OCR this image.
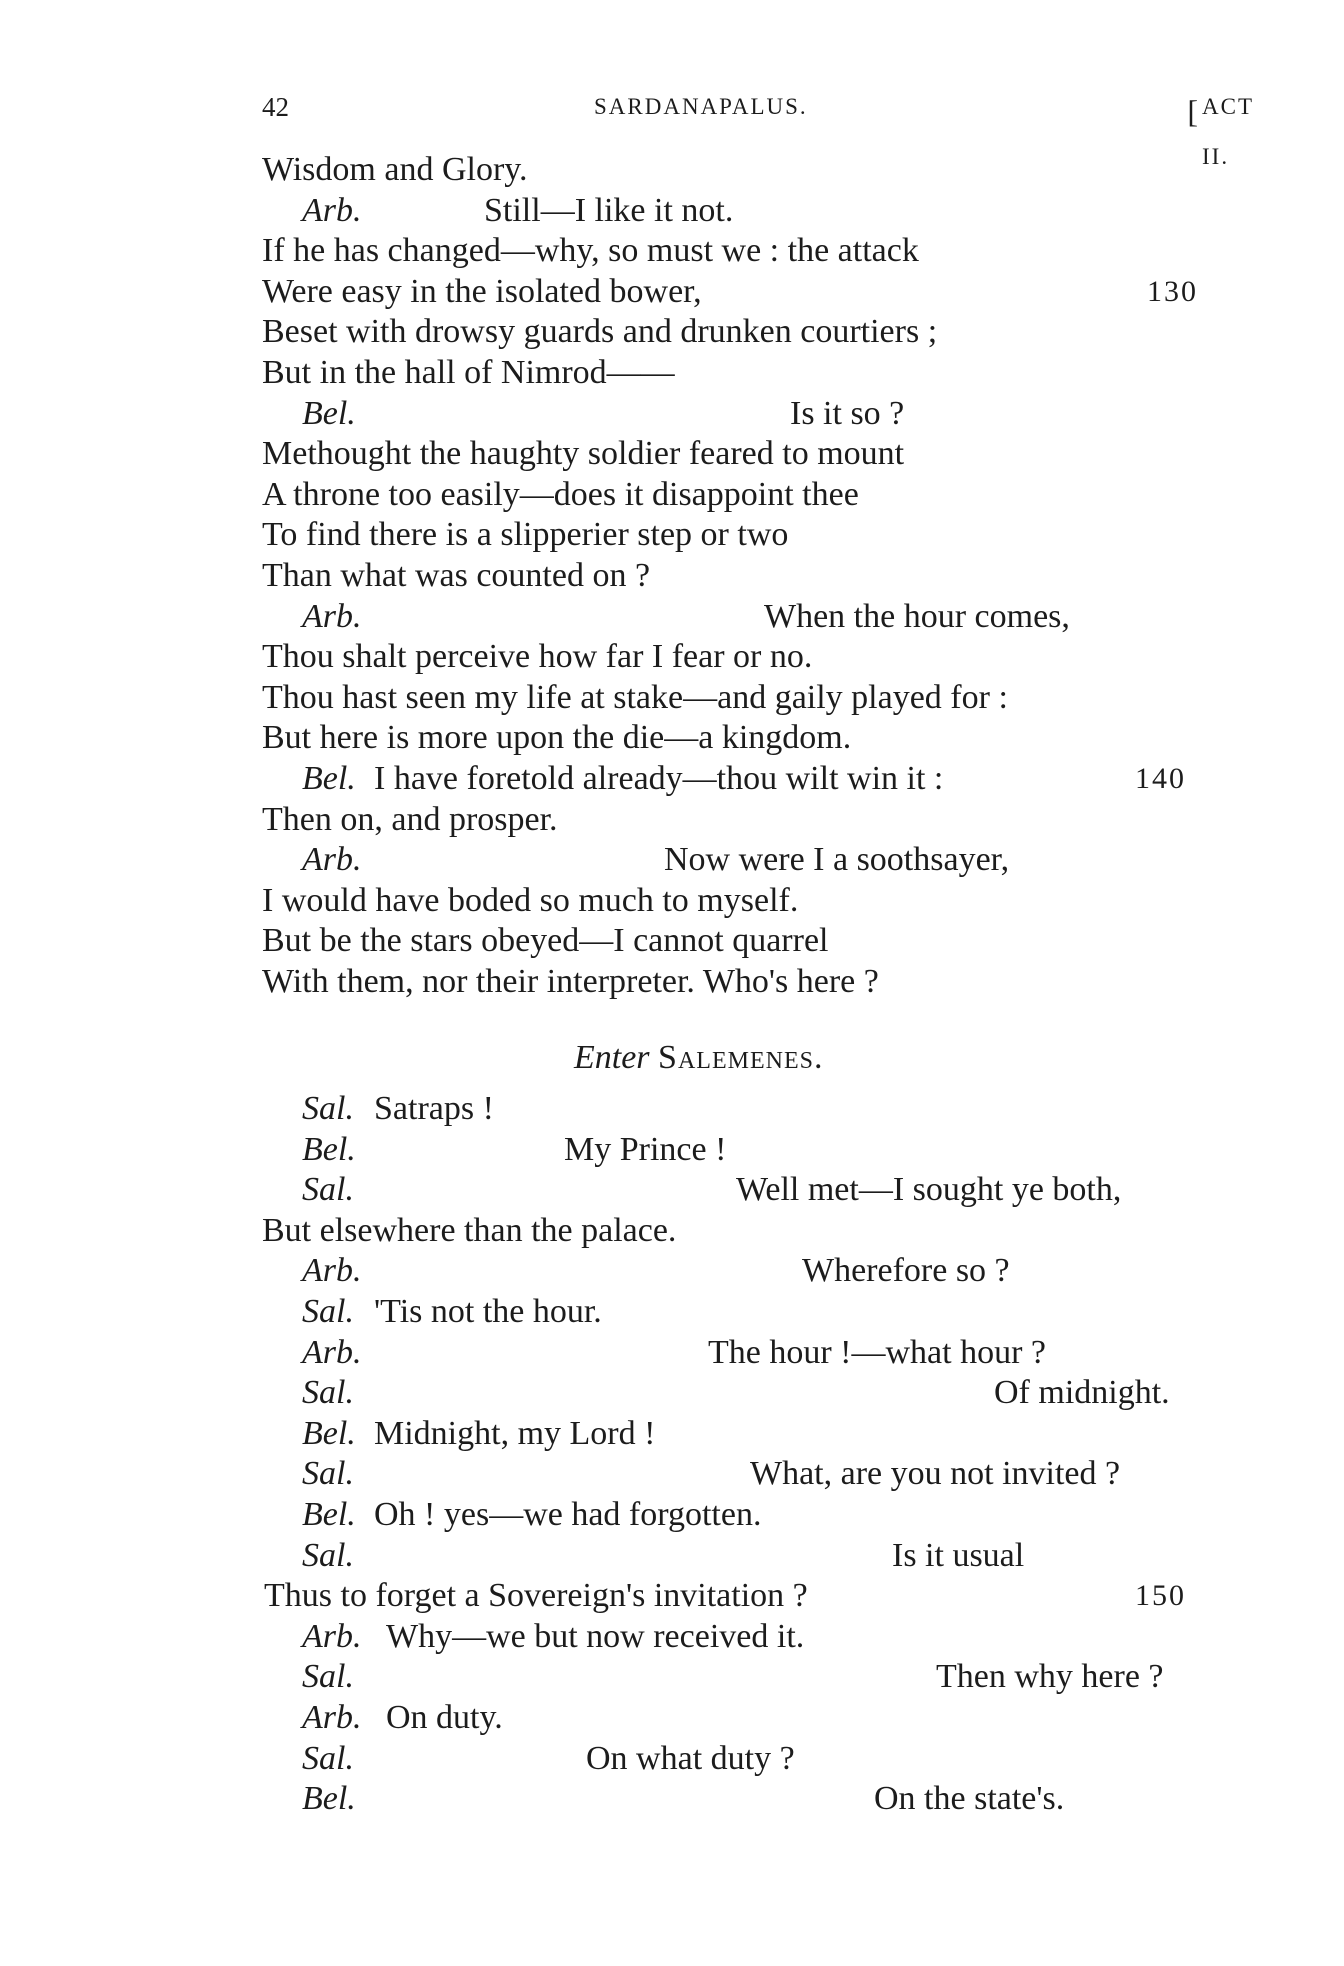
42	SARDANAPALUS.	[ ACT II.
Wisdom and Glory.
Arb.	Still—I like it not.
If he has changed—why, so must we : the attack
Were easy in the isolated bower,	130
Beset with drowsy guards and drunken courtiers ;
But in the hall of Nimrod——
Bel.	Is it so ?
Methought the haughty soldier feared to mount
A throne too easily—does it disappoint thee
To find there is a slipperier step or two
Than what was counted on ?
Arb.	When the hour comes,
Thou shalt perceive how far I fear or no.
Thou hast seen my life at stake—and gaily played for :
But here is more upon the die—a kingdom.
Bel. I have foretold already—thou wilt win it :	140
Then on, and prosper.
Arb.	Now were I a soothsayer,
I would have boded so much to myself.
But be the stars obeyed—I cannot quarrel
With them, nor their interpreter. Who's here ?
Enter Salemenes.
Sal. Satraps !
Bel.	My Prince !
Sal.	Well met—I sought ye both,
But elsewhere than the palace.
Arb.	Wherefore so ?
Sal. 'Tis not the hour.
Arb.	The hour !—what hour ?
Sal.	Of midnight.
Bel. Midnight, my Lord !
Sal.	What, are you not invited ?
Bel. Oh ! yes—we had forgotten.
Sal.	Is it usual
Thus to forget a Sovereign's invitation ?	150
Arb. Why—we but now received it.
Sal.	Then why here ?
Arb. On duty.
Sal.	On what duty ?
Bel.	On the state's.
